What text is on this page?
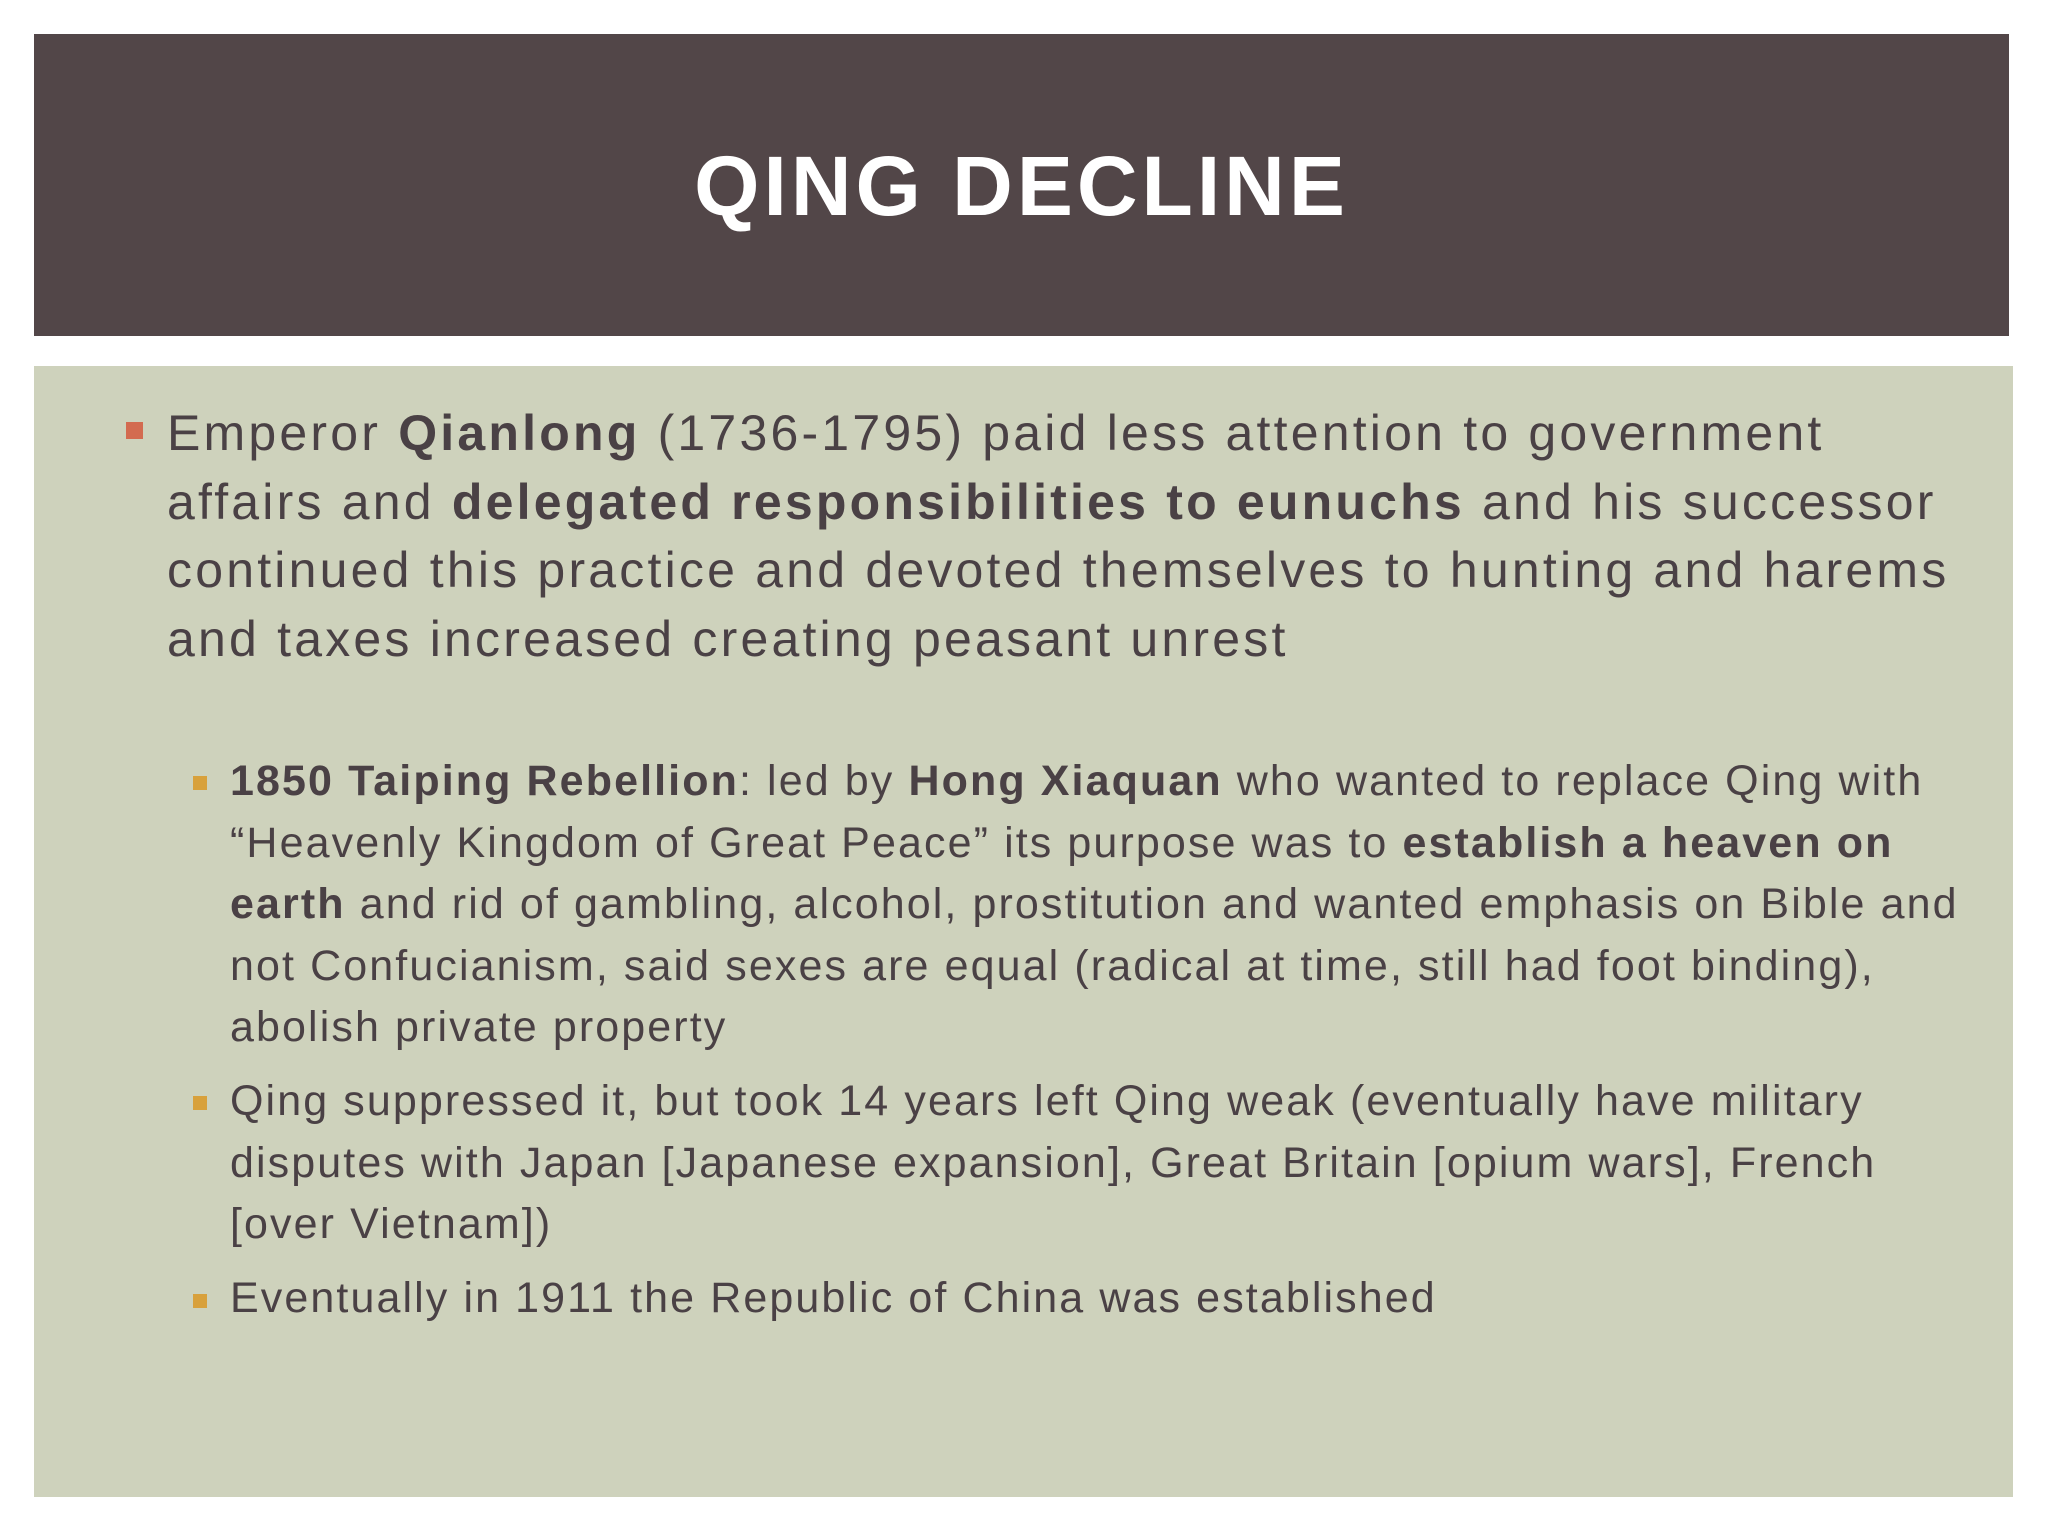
QING DECLINE
Emperor Qianlong (1736-1795) paid less attention to government affairs and delegated responsibilities to eunuchs and his successor continued this practice and devoted themselves to hunting and harems and taxes increased creating peasant unrest
1850 Taiping Rebellion: led by Hong Xiaquan who wanted to replace Qing with “Heavenly Kingdom of Great Peace” its purpose was to establish a heaven on earth and rid of gambling, alcohol, prostitution and wanted emphasis on Bible and not Confucianism, said sexes are equal (radical at time, still had foot binding), abolish private property
Qing suppressed it, but took 14 years left Qing weak (eventually have military disputes with Japan [Japanese expansion], Great Britain [opium wars], French [over Vietnam])
Eventually in 1911 the Republic of China was established
